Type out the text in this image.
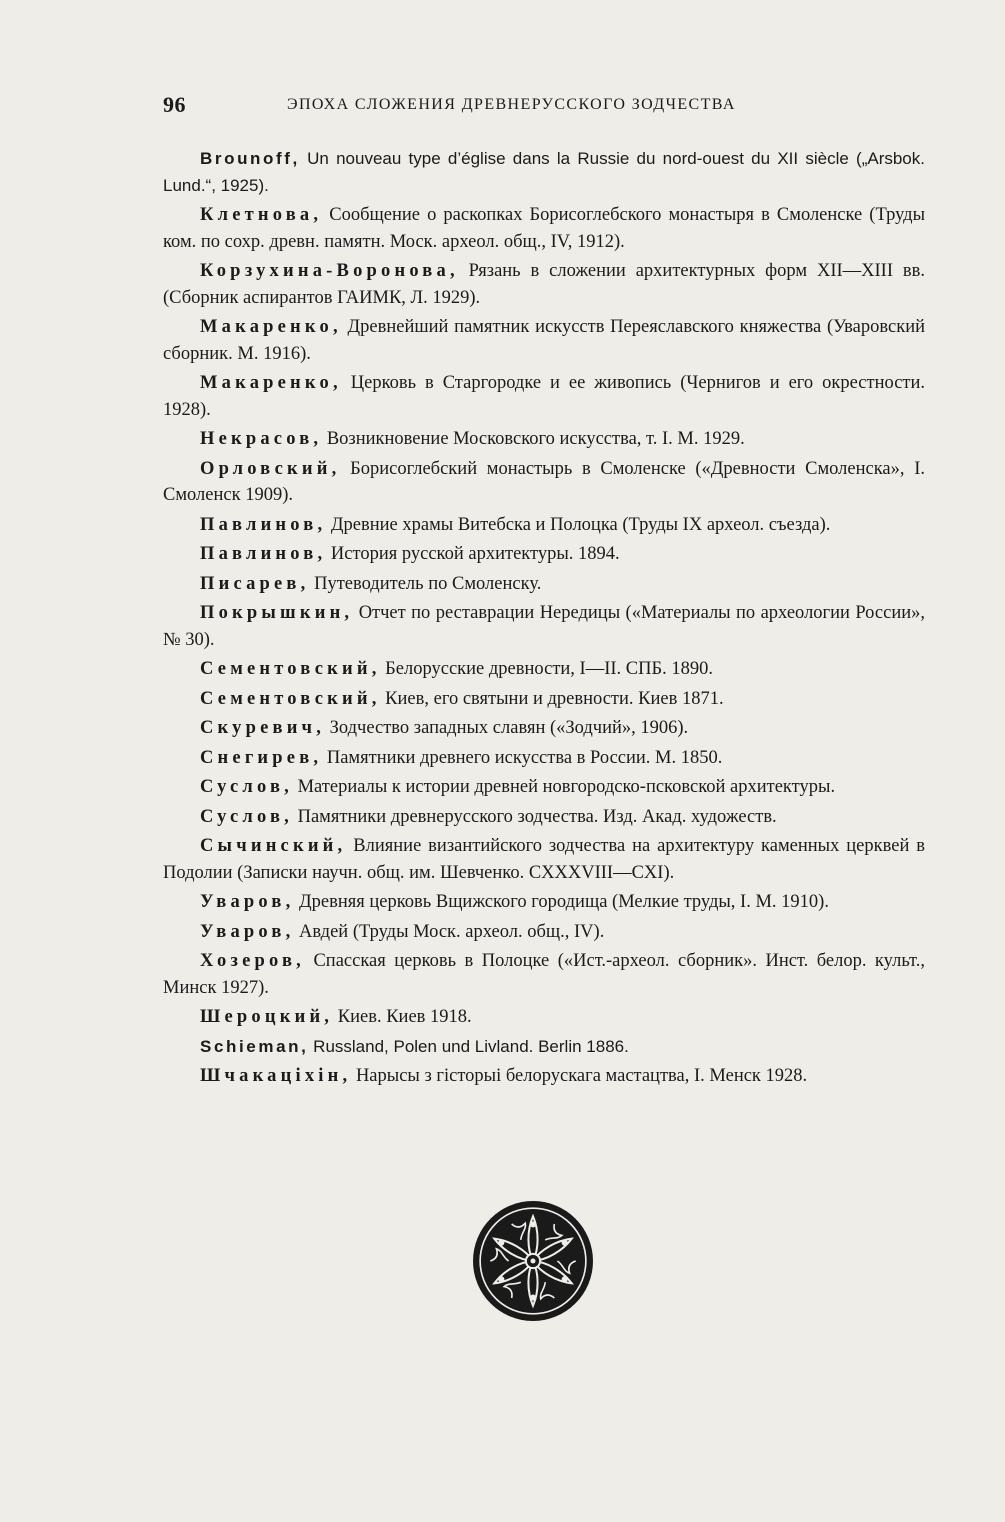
96	ЭПОХА СЛОЖЕНИЯ ДРЕВНЕРУССКОГО ЗОДЧЕСТВА

Brounoff, Un nouveau type d’église dans la Russie du nord-ouest du XII siècle („Arsbok. Lund.“, 1925).

Клетнова, Сообщение о раскопках Борисоглебского монастыря в Смоленске (Труды ком. по сохр. древн. памятн. Моск. археол. общ., IV, 1912).

Корзухина-Воронова, Рязань в сложении архитектурных форм XII—XIII вв. (Сборник аспирантов ГАИМК, Л. 1929).

Макаренко, Древнейший памятник искусств Переяславского княжества (Уваровский сборник. М. 1916).

Макаренко, Церковь в Старгородке и ее живопись (Чернигов и его окрестности. 1928).

Некрасов, Возникновение Московского искусства, т. I. М. 1929.

Орловский, Борисоглебский монастырь в Смоленске («Древности Смоленска», I. Смоленск 1909).

Павлинов, Древние храмы Витебска и Полоцка (Труды IX археол. съезда).

Павлинов, История русской архитектуры. 1894.

Писарев, Путеводитель по Смоленску.

Покрышкин, Отчет по реставрации Нередицы («Материалы по археологии России», № 30).

Сементовский, Белорусские древности, I—II. СПБ. 1890.

Сементовский, Киев, его святыни и древности. Киев 1871.

Скуревич, Зодчество западных славян («Зодчий», 1906).

Снегирев, Памятники древнего искусства в России. М. 1850.

Суслов, Материалы к истории древней новгородско-псковской архитектуры.

Суслов, Памятники древнерусского зодчества. Изд. Акад. художеств.

Сычинский, Влияние византийского зодчества на архитектуру каменных церквей в Подолии (Записки научн. общ. им. Шевченко. CXXXVIII—CXI).

Уваров, Древняя церковь Вщижского городища (Мелкие труды, I. М. 1910).

Уваров, Авдей (Труды Моск. археол. общ., IV).

Хозеров, Спасская церковь в Полоцке («Ист.-археол. сборник». Инст. белор. культ., Минск 1927).

Шероцкий, Киев. Киев 1918.

Schieman, Russland, Polen und Livland. Berlin 1886.

Шчакацiхiн, Нарысы з гісторыі белорускага мастацтва, I. Менск 1928.
